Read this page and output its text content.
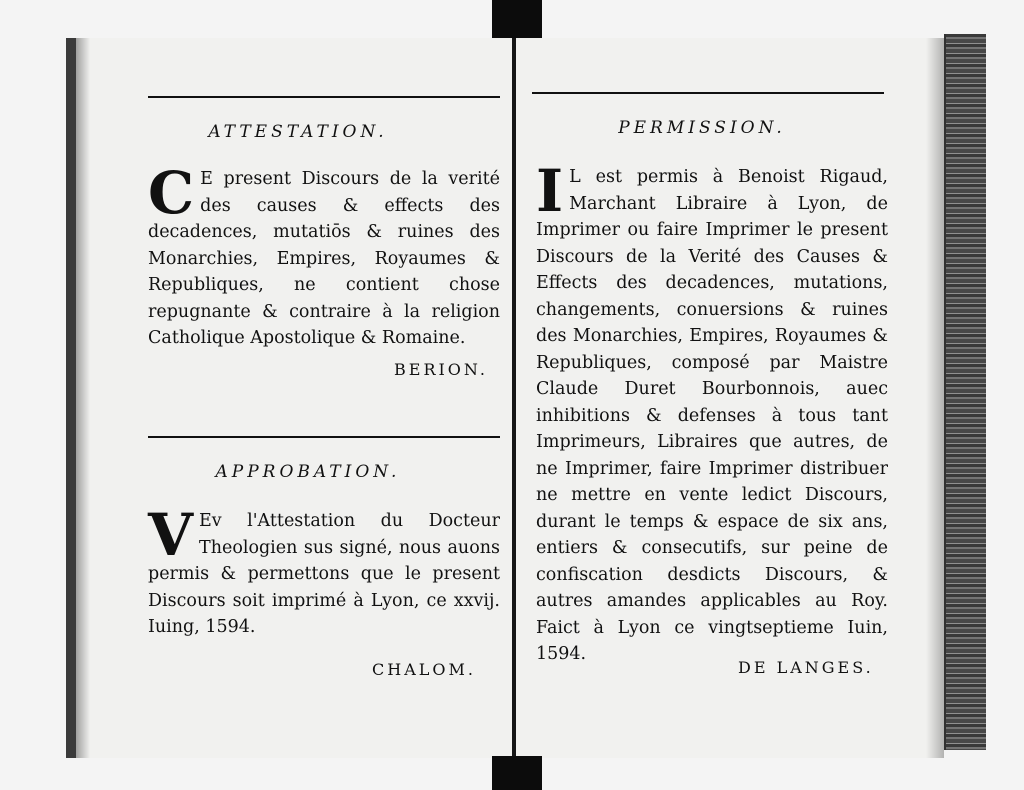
ATTESTATION.
C E present Discours de la verité des causes & effects des decadences, mutatiōs & ruines des Monarchies, Empires, Royaumes & Republiques, ne contient chose repugnante & contraire à la religion Catholique Apostolique & Romaine.
BERION.
APPROBATION.
V Ev l'Attestation du Docteur Theologien sus signé, nous auons permis & permettons que le present Discours soit imprimé à Lyon, ce xxvij. Iuing, 1594.
CHALOM.
PERMISSION.
I L est permis à Benoist Rigaud, Marchant Libraire à Lyon, de Imprimer ou faire Imprimer le present Discours de la Verité des Causes & Effects des decadences, mutations, changements, conuersions & ruines des Monarchies, Empires, Royaumes & Republiques, composé par Maistre Claude Duret Bourbonnois, auec inhibitions & defenses à tous tant Imprimeurs, Libraires que autres, de ne Imprimer, faire Imprimer distribuer ne mettre en vente ledict Discours, durant le temps & espace de six ans, entiers & consecutifs, sur peine de confiscation desdicts Discours, & autres amandes applicables au Roy. Faict à Lyon ce vingtseptieme Iuin, 1594.
DE LANGES.
